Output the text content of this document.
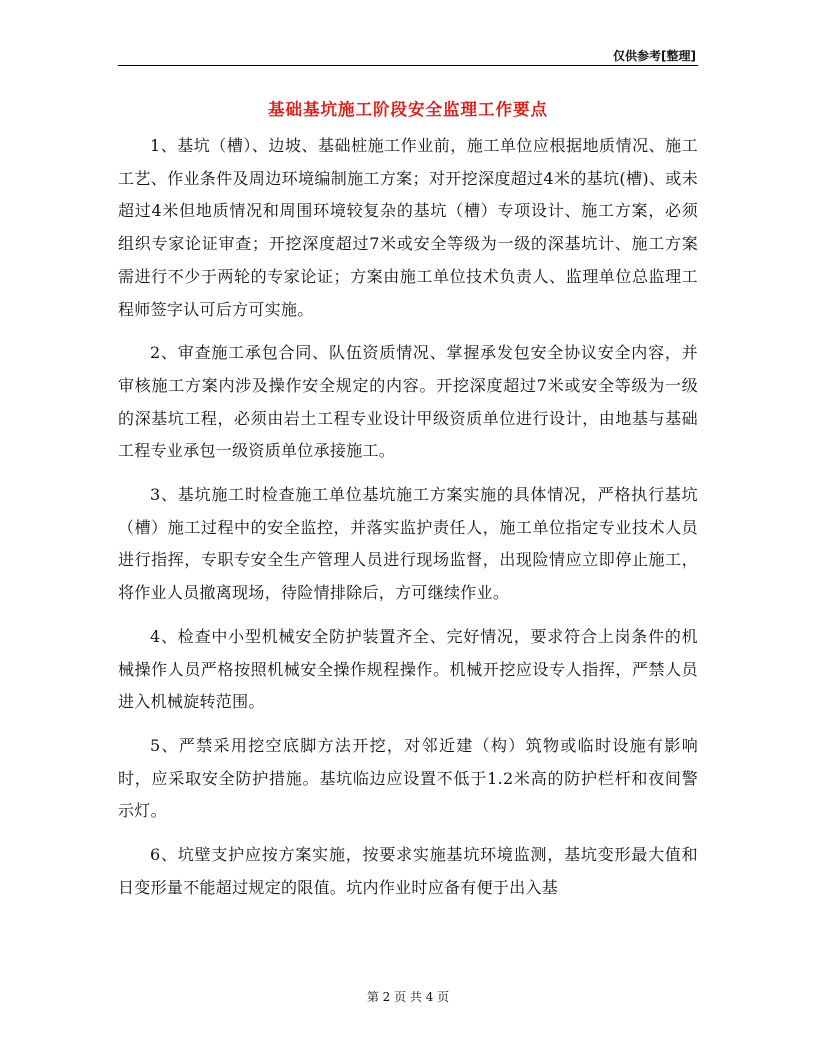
仅供参考[整理]
基础基坑施工阶段安全监理工作要点

1、基坑（槽）、边坡、基础桩施工作业前，施工单位应根据地质情况、施工工艺、作业条件及周边环境编制施工方案；对开挖深度超过4米的基坑(槽)、或未超过4米但地质情况和周围环境较复杂的基坑（槽）专项设计、施工方案，必须组织专家论证审查；开挖深度超过7米或安全等级为一级的深基坑计、施工方案需进行不少于两轮的专家论证；方案由施工单位技术负责人、监理单位总监理工程师签字认可后方可实施。

2、审查施工承包合同、队伍资质情况、掌握承发包安全协议安全内容，并审核施工方案内涉及操作安全规定的内容。开挖深度超过7米或安全等级为一级的深基坑工程，必须由岩土工程专业设计甲级资质单位进行设计，由地基与基础工程专业承包一级资质单位承接施工。

3、基坑施工时检查施工单位基坑施工方案实施的具体情况，严格执行基坑（槽）施工过程中的安全监控，并落实监护责任人，施工单位指定专业技术人员进行指挥，专职专安全生产管理人员进行现场监督，出现险情应立即停止施工，将作业人员撤离现场，待险情排除后，方可继续作业。

4、检查中小型机械安全防护装置齐全、完好情况，要求符合上岗条件的机械操作人员严格按照机械安全操作规程操作。机械开挖应设专人指挥，严禁人员进入机械旋转范围。

5、严禁采用挖空底脚方法开挖，对邻近建（构）筑物或临时设施有影响时，应采取安全防护措施。基坑临边应设置不低于1.2米高的防护栏杆和夜间警示灯。

6、坑壁支护应按方案实施，按要求实施基坑环境监测，基坑变形最大值和日变形量不能超过规定的限值。坑内作业时应备有便于出入基

第 2 页 共 4 页
